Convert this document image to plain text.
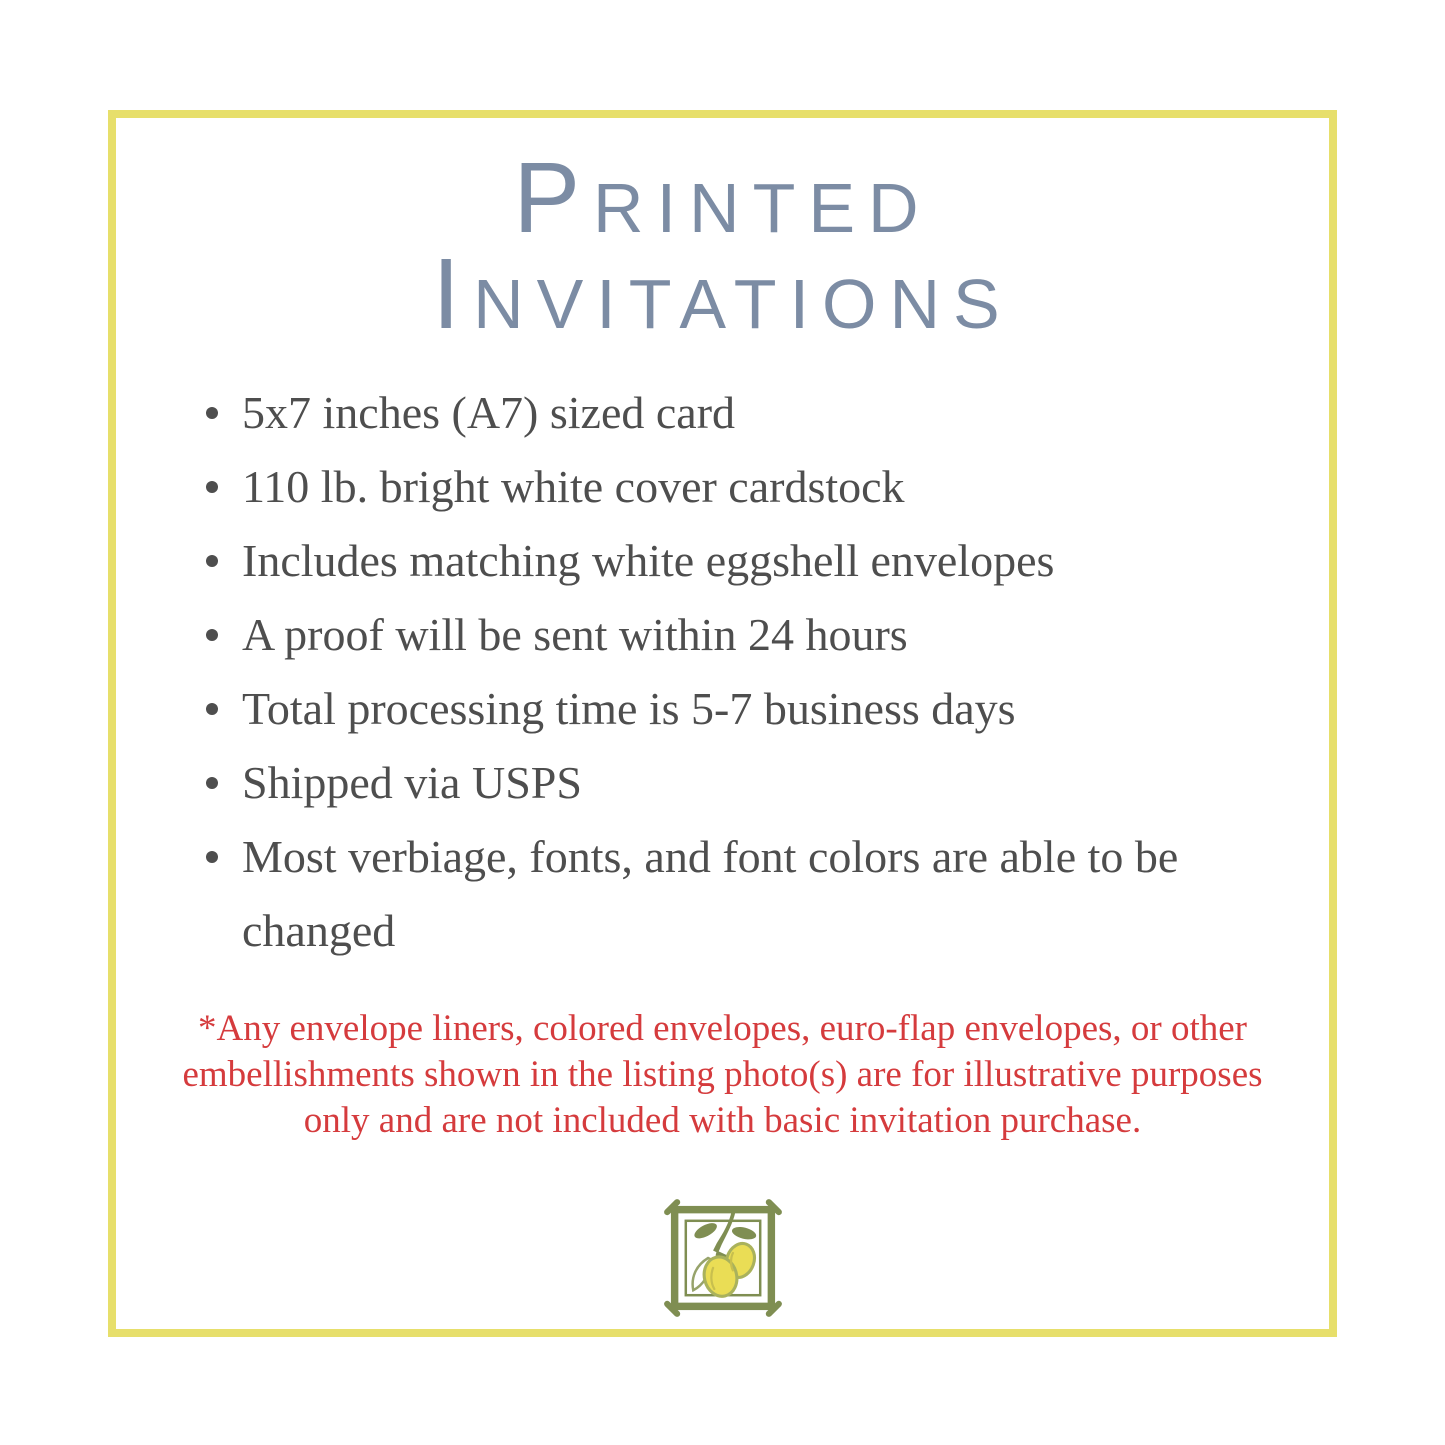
Printed
Invitations
5x7 inches (A7) sized card
110 lb. bright white cover cardstock
Includes matching white eggshell envelopes
A proof will be sent within 24 hours
Total processing time is 5-7 business days
Shipped via USPS
Most verbiage, fonts, and font colors are able to be changed
*Any envelope liners, colored envelopes, euro-flap envelopes, or other
embellishments shown in the listing photo(s) are for illustrative purposes
only and are not included with basic invitation purchase.
